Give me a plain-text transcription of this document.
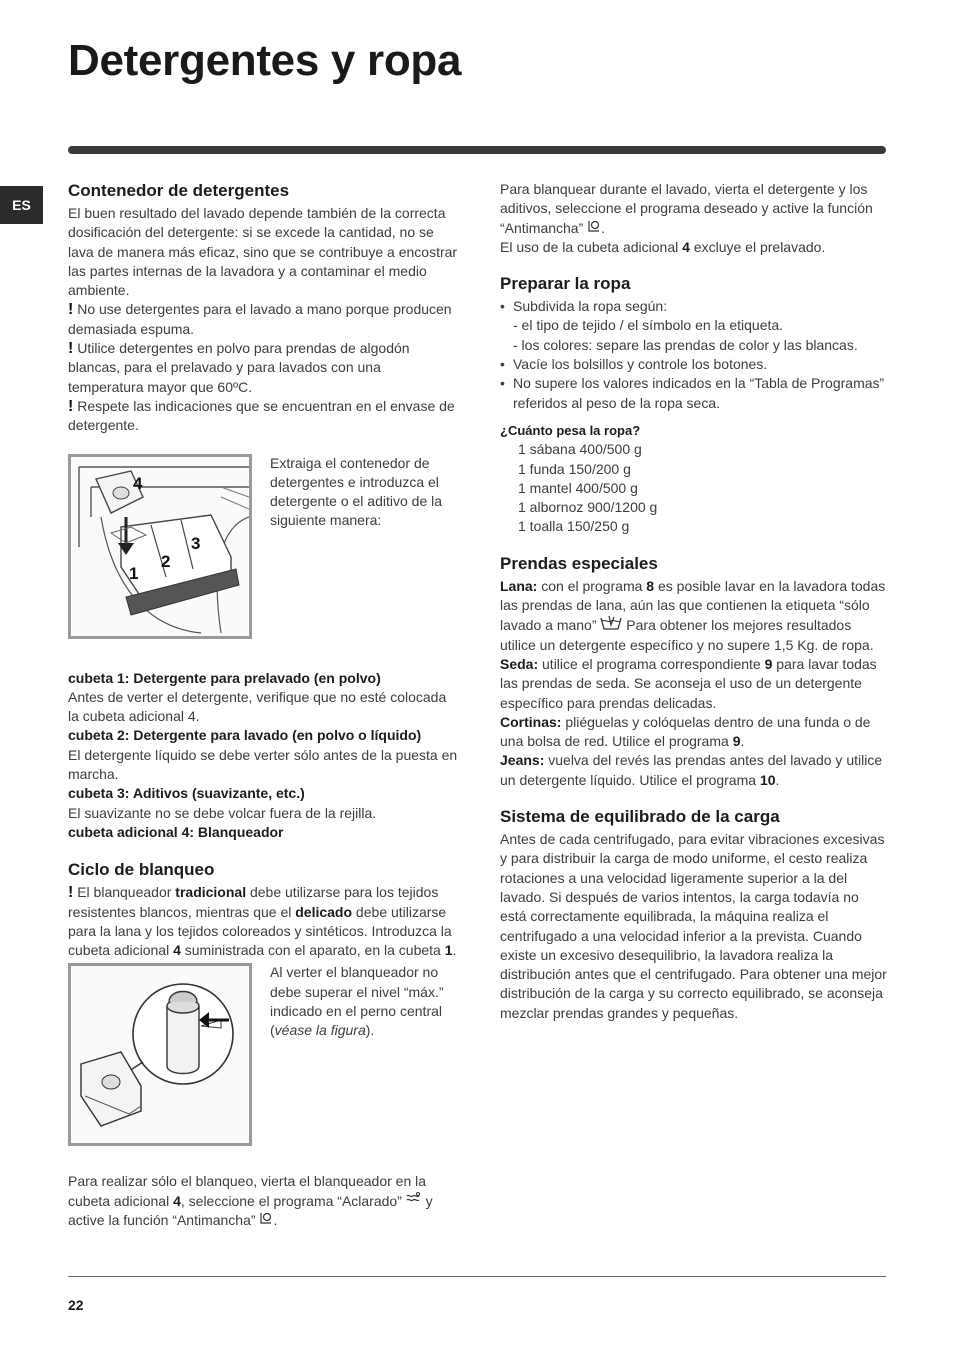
Detergentes y ropa
ES
Contenedor de detergentes

El buen resultado del lavado depende también de la correcta dosificación del detergente: si se excede la cantidad, no se lava de manera más eficaz, sino que se contribuye a encostrar las partes internas de la lavadora y a contaminar el medio ambiente.

! No use detergentes para el lavado a mano porque producen demasiada espuma.

! Utilice detergentes en polvo para prendas de algodón blancas, para el prelavado y para lavados con una temperatura mayor que 60ºC.

! Respete las indicaciones que se encuentran en el envase de detergente.

4
1
2
3

Extraiga el contenedor de detergentes e introduzca el detergente o el aditivo de la siguiente manera:

cubeta 1: Detergente para prelavado (en polvo)

Antes de verter el detergente, verifique que no esté colocada la cubeta adicional 4.

cubeta 2: Detergente para lavado (en polvo o líquido)

El detergente líquido se debe verter sólo antes de la puesta en marcha.

cubeta 3: Aditivos (suavizante, etc.)

El suavizante no se debe volcar fuera de la rejilla.

cubeta adicional 4: Blanqueador

Ciclo de blanqueo

! El blanqueador tradicional debe utilizarse para los tejidos resistentes blancos, mientras que el delicado debe utilizarse para la lana y los tejidos coloreados y sintéticos. Introduzca la cubeta adicional 4 suministrada con el aparato, en la cubeta 1.

Al verter el blanqueador no debe superar el nivel “máx.” indicado en el perno central (véase la figura).

Para realizar sólo el blanqueo, vierta el blanqueador en la cubeta adicional 4, seleccione el programa “Aclarado”  y active la función “Antimancha” .

Para blanquear durante el lavado, vierta el detergente y los aditivos, seleccione el programa deseado y active la función “Antimancha” .

El uso de la cubeta adicional 4 excluye el prelavado.

Preparar la ropa
• Subdivida la ropa según:

- el tipo de tejido / el símbolo en la etiqueta.

- los colores: separe las prendas de color y las blancas.

• Vacíe los bolsillos y controle los botones.
• No supere los valores indicados en la “Tabla de Programas” referidos al peso de la ropa seca.

¿Cuánto pesa la ropa?

1 sábana 400/500 g

1 funda 150/200 g

1 mantel 400/500 g

1 albornoz 900/1200 g

1 toalla 150/250 g

Prendas especiales

Lana: con el programa 8 es posible lavar en la lavadora todas las prendas de lana, aún las que contienen la etiqueta “sólo lavado a mano”  Para obtener los mejores resultados utilice un detergente específico y no supere 1,5 Kg. de ropa.

Seda: utilice el programa correspondiente 9 para lavar todas las prendas de seda. Se aconseja el uso de un detergente específico para prendas delicadas.

Cortinas: pliéguelas y colóquelas dentro de una funda o de una bolsa de red. Utilice el programa 9.

Jeans: vuelva del revés las prendas antes del lavado y utilice un detergente líquido. Utilice el programa 10.

Sistema de equilibrado de la carga

Antes de cada centrifugado, para evitar vibraciones excesivas y para distribuir la carga de modo uniforme, el cesto realiza rotaciones a una velocidad ligeramente superior a la del lavado. Si después de varios intentos, la carga todavía no está correctamente equilibrada, la máquina realiza el centrifugado a una velocidad inferior a la prevista. Cuando existe un excesivo desequilibrio, la lavadora realiza la distribución antes que el centrifugado. Para obtener una mejor distribución de la carga y su correcto equilibrado, se aconseja mezclar prendas grandes y pequeñas.

22
